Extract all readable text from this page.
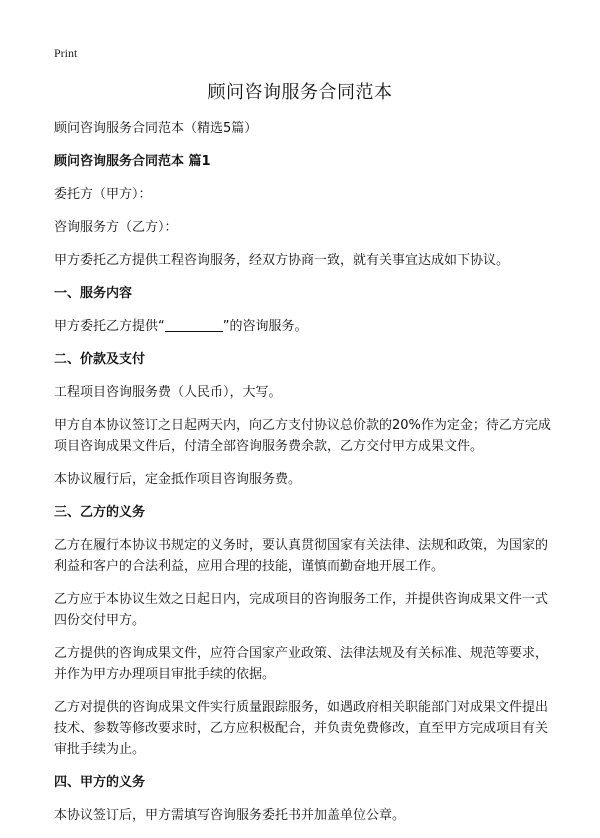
Print
顾问咨询服务合同范本

顾问咨询服务合同范本（精选5篇）

顾问咨询服务合同范本 篇1

委托方（甲方）：

咨询服务方（乙方）：

甲方委托乙方提供工程咨询服务，经双方协商一致，就有关事宜达成如下协议。

一、服务内容

甲方委托乙方提供“	”的咨询服务。

二、价款及支付

工程项目咨询服务费（人民币），大写。

甲方自本协议签订之日起两天内，向乙方支付协议总价款的20%作为定金；待乙方完成项目咨询成果文件后，付清全部咨询服务费余款，乙方交付甲方成果文件。

本协议履行后，定金抵作项目咨询服务费。

三、乙方的义务

乙方在履行本协议书规定的义务时，要认真贯彻国家有关法律、法规和政策，为国家的利益和客户的合法利益，应用合理的技能，谨慎而勤奋地开展工作。

乙方应于本协议生效之日起日内，完成项目的咨询服务工作，并提供咨询成果文件一式四份交付甲方。

乙方提供的咨询成果文件，应符合国家产业政策、法律法规及有关标准、规范等要求，并作为甲方办理项目审批手续的依据。

乙方对提供的咨询成果文件实行质量跟踪服务，如遇政府相关职能部门对成果文件提出技术、参数等修改要求时，乙方应积极配合，并负责免费修改，直至甲方完成项目有关审批手续为止。

四、甲方的义务

本协议签订后，甲方需填写咨询服务委托书并加盖单位公章。
